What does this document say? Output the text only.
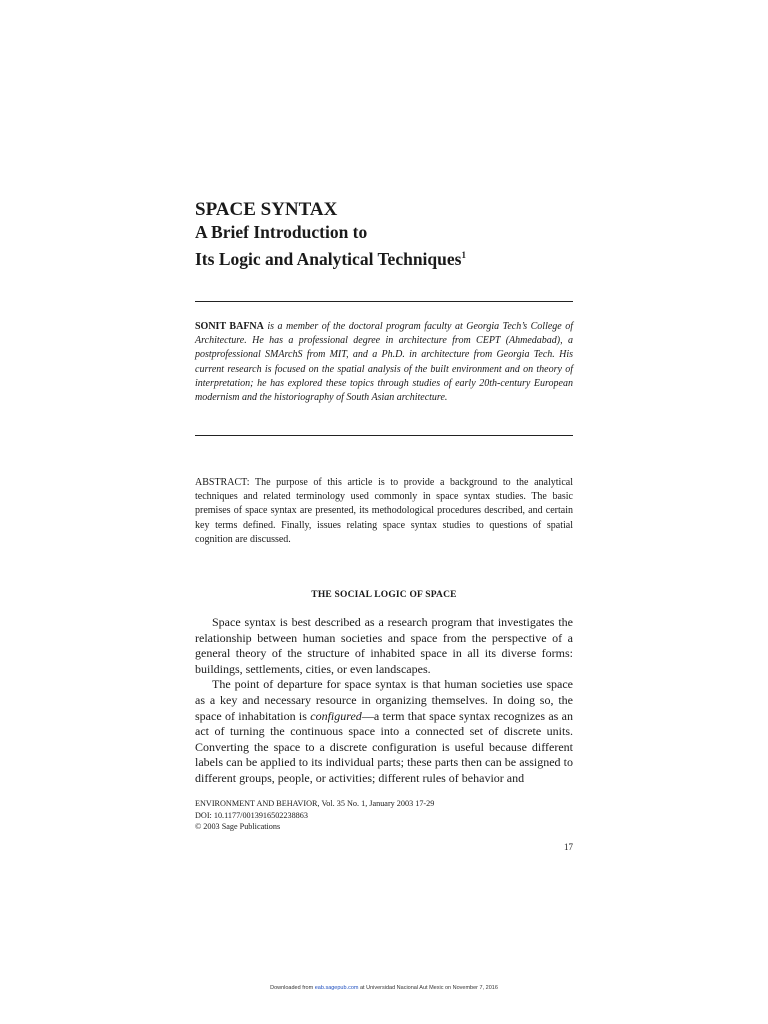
SPACE SYNTAX
A Brief Introduction to
Its Logic and Analytical Techniques$^1$
SONIT BAFNA is a member of the doctoral program faculty at Georgia Tech’s College of Architecture. He has a professional degree in architecture from CEPT (Ahmedabad), a postprofessional SMArchS from MIT, and a Ph.D. in architecture from Georgia Tech. His current research is focused on the spatial analysis of the built environment and on theory of interpretation; he has explored these topics through studies of early 20th-century European modernism and the historiography of South Asian architecture.
ABSTRACT: The purpose of this article is to provide a background to the analytical techniques and related terminology used commonly in space syntax studies. The basic premises of space syntax are presented, its methodological procedures described, and certain key terms defined. Finally, issues relating space syntax studies to questions of spatial cognition are discussed.
THE SOCIAL LOGIC OF SPACE

Space syntax is best described as a research program that investigates the relationship between human societies and space from the perspective of a general theory of the structure of inhabited space in all its diverse forms: buildings, settlements, cities, or even landscapes.

The point of departure for space syntax is that human societies use space as a key and necessary resource in organizing themselves. In doing so, the space of inhabitation is configured—a term that space syntax recognizes as an act of turning the continuous space into a connected set of discrete units. Converting the space to a discrete configuration is useful because different labels can be applied to its individual parts; these parts then can be assigned to different groups, people, or activities; different rules of behavior and

ENVIRONMENT AND BEHAVIOR, Vol. 35 No. 1, January 2003 17-29
DOI: 10.1177/0013916502238863
© 2003 Sage Publications
17
Downloaded from eab.sagepub.com at Universidad Nacional Aut Mexic on November 7, 2016
